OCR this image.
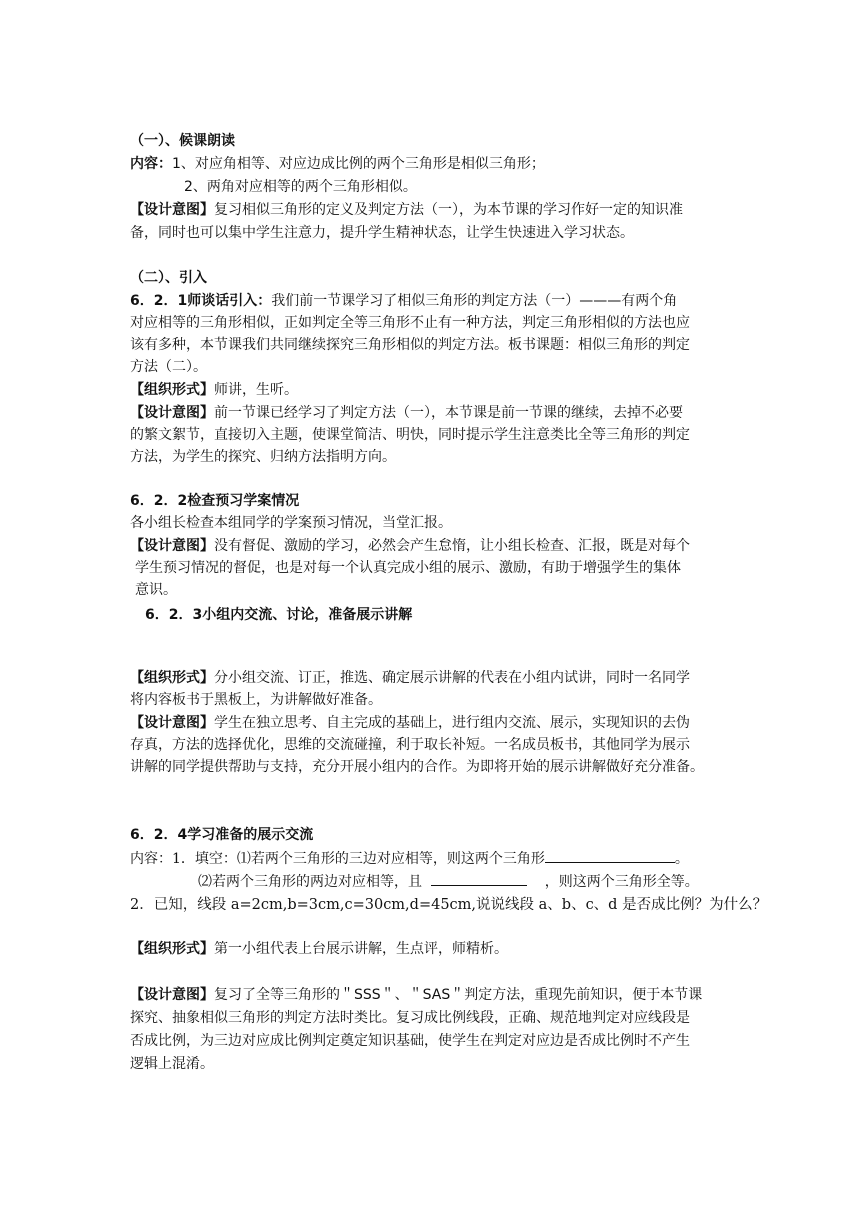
（一）、候课朗读
内容：1、对应角相等、对应边成比例的两个三角形是相似三角形；
2、两角对应相等的两个三角形相似。
【设计意图】复习相似三角形的定义及判定方法（一），为本节课的学习作好一定的知识准
备，同时也可以集中学生注意力，提升学生精神状态，让学生快速进入学习状态。
（二）、引入
6．2．1师谈话引入：我们前一节课学习了相似三角形的判定方法（一）———有两个角
对应相等的三角形相似，正如判定全等三角形不止有一种方法，判定三角形相似的方法也应
该有多种，本节课我们共同继续探究三角形相似的判定方法。板书课题：相似三角形的判定
方法（二）。
【组织形式】师讲，生听。
【设计意图】前一节课已经学习了判定方法（一），本节课是前一节课的继续，去掉不必要
的繁文絮节，直接切入主题，使课堂简洁、明快，同时提示学生注意类比全等三角形的判定
方法，为学生的探究、归纳方法指明方向。
6．2．2检查预习学案情况
各小组长检查本组同学的学案预习情况，当堂汇报。
【设计意图】没有督促、激励的学习，必然会产生怠惰，让小组长检查、汇报，既是对每个
学生预习情况的督促，也是对每一个认真完成小组的展示、激励，有助于增强学生的集体
意识。
6．2．3小组内交流、讨论，准备展示讲解
【组织形式】分小组交流、订正，推选、确定展示讲解的代表在小组内试讲，同时一名同学
将内容板书于黑板上，为讲解做好准备。
【设计意图】学生在独立思考、自主完成的基础上，进行组内交流、展示，实现知识的去伪
存真，方法的选择优化，思维的交流碰撞，利于取长补短。一名成员板书，其他同学为展示
讲解的同学提供帮助与支持，充分开展小组内的合作。为即将开始的展示讲解做好充分准备。
6．2．4学习准备的展示交流
内容：1．填空：⑴若两个三角形的三边对应相等，则这两个三角形	。
⑵若两个三角形的两边对应相等，且	，则这两个三角形全等。
2．已知，线段 a=2cm,b=3cm,c=30cm,d=45cm,说说线段 a、b、c、d 是否成比例？为什么？
【组织形式】第一小组代表上台展示讲解，生点评，师精析。
【设计意图】复习了全等三角形的＂SSS＂、＂SAS＂判定方法，重现先前知识，便于本节课
探究、抽象相似三角形的判定方法时类比。复习成比例线段，正确、规范地判定对应线段是
否成比例，为三边对应成比例判定奠定知识基础，使学生在判定对应边是否成比例时不产生
逻辑上混淆。
